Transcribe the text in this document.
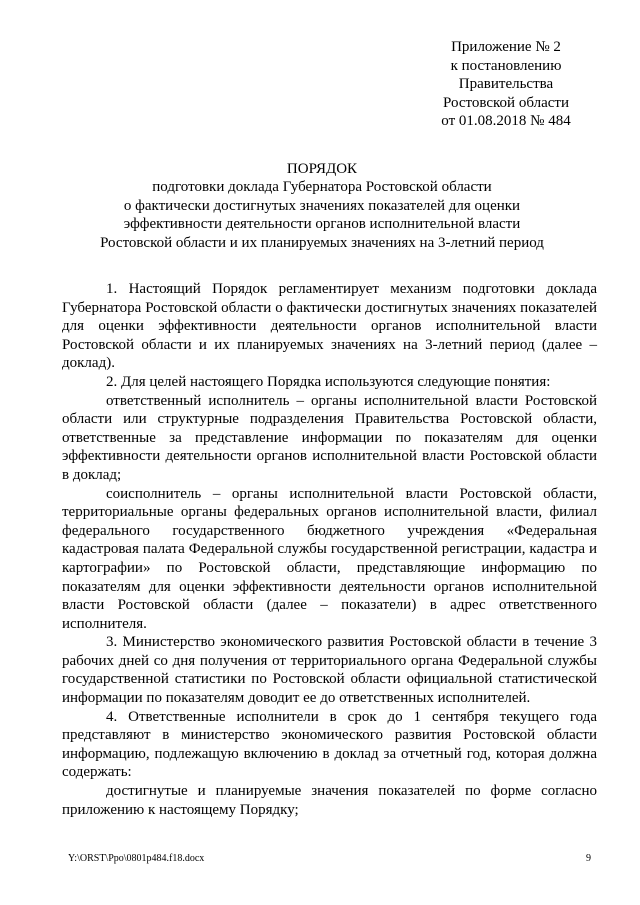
Приложение № 2
к постановлению
Правительства
Ростовской области
от 01.08.2018 № 484
ПОРЯДОК
подготовки доклада Губернатора Ростовской области
о фактически достигнутых значениях показателей для оценки
эффективности деятельности органов исполнительной власти
Ростовской области и их планируемых значениях на 3-летний период

1. Настоящий Порядок регламентирует механизм подготовки доклада Губернатора Ростовской области о фактически достигнутых значениях показателей для оценки эффективности деятельности органов исполнительной власти Ростовской области и их планируемых значениях на 3-летний период (далее – доклад).

2. Для целей настоящего Порядка используются следующие понятия:

ответственный исполнитель – органы исполнительной власти Ростовской области или структурные подразделения Правительства Ростовской области, ответственные за представление информации по показателям для оценки эффективности деятельности органов исполнительной власти Ростовской области в доклад;

соисполнитель – органы исполнительной власти Ростовской области, территориальные органы федеральных органов исполнительной власти, филиал федерального государственного бюджетного учреждения «Федеральная кадастровая палата Федеральной службы государственной регистрации, кадастра и картографии» по Ростовской области, представляющие информацию по показателям для оценки эффективности деятельности органов исполнительной власти Ростовской области (далее – показатели) в адрес ответственного исполнителя.

3. Министерство экономического развития Ростовской области в течение 3 рабочих дней со дня получения от территориального органа Федеральной службы государственной статистики по Ростовской области официальной статистической информации по показателям доводит ее до ответственных исполнителей.

4. Ответственные исполнители в срок до 1 сентября текущего года представляют в министерство экономического развития Ростовской области информацию, подлежащую включению в доклад за отчетный год, которая должна содержать:

достигнутые и планируемые значения показателей по форме согласно приложению к настоящему Порядку;

Y:\ORST\Ppo\0801p484.f18.docx	9
